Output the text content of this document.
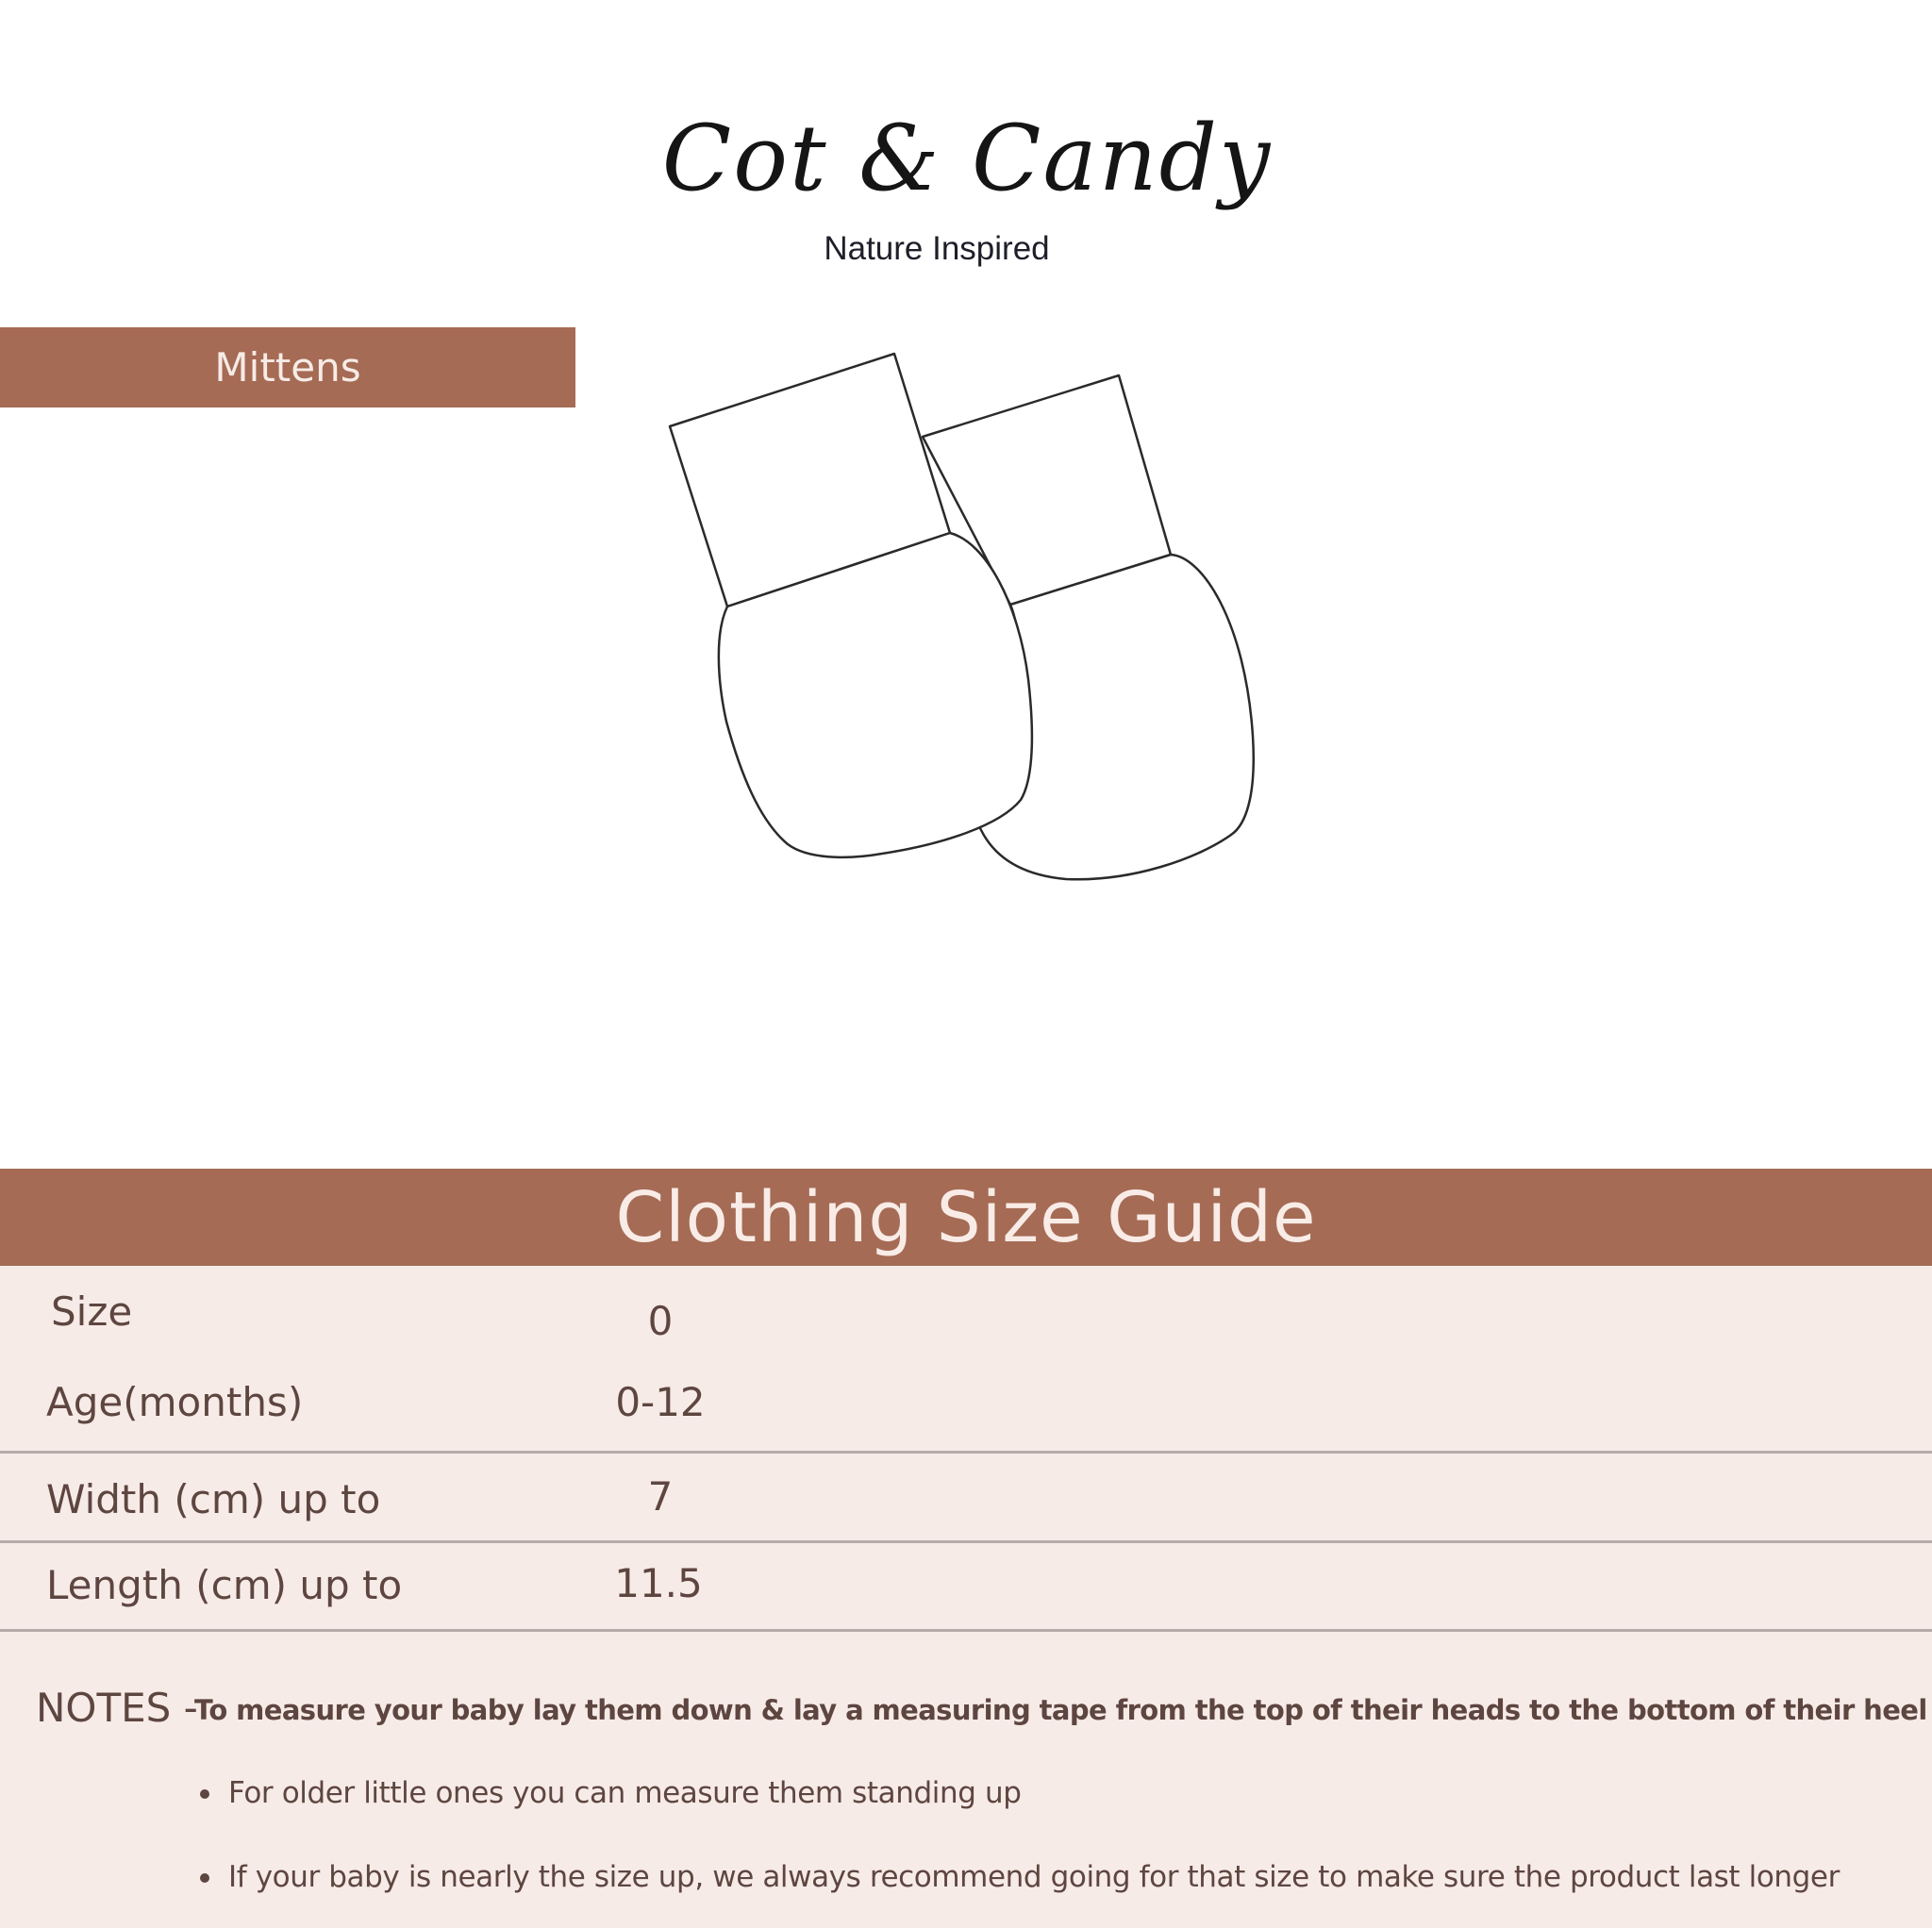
Cot & Candy
Nature Inspired
Mittens
Clothing Size Guide
Size	0
Age(months)	0-12
Width (cm) up to	7
Length (cm) up to	11.5
NOTES -
To measure your baby lay them down & lay a measuring tape from the top of their heads to the bottom of their heel
For older little ones you can measure them standing up
If your baby is nearly the size up, we always recommend going for that size to make sure the product last longer
